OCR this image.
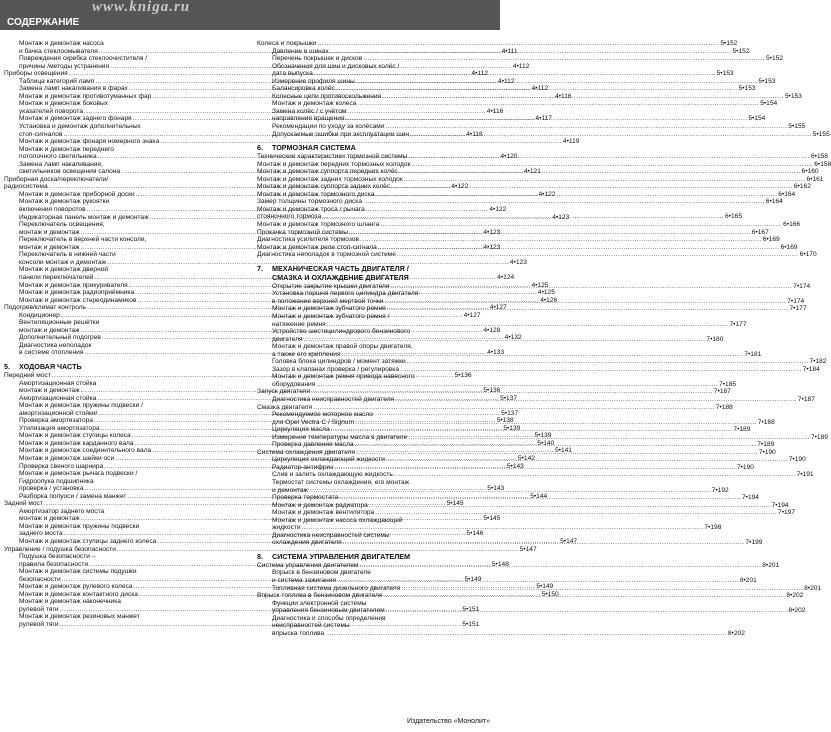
www.kniga.ru
СОДЕРЖАНИЕ
Монтаж и демонтаж насоса
и бачка стеклоомывателя .....	4•111
Повреждения скребка стеклоочистителя /
причины /методы устранения .....	4•112
Приборы освещения .....	4•112
Таблица категорий ламп .....	4•112
Замена ламп накаливания в фарах .....	4•112
Монтаж и демонтаж противотуманных фар .....	4•116
Монтаж и демонтаж боковых
указателей поворота .....	4•116
Монтаж и демонтаж заднего фонаря .....	4•117
Установка и демонтаж дополнительных
стоп-сигналов .....	4•118
Монтаж и демонтаж фонаря номерного знака .....	4•119
Монтаж и демонтаж переднего
потолочного светильника .....	4•120
Замена ламп накаливания,
светильников освещения салона .....	4•121
Приборная доска/переключатели/
радиосистема .....	4•122
Монтаж и демонтаж приборной доски .....	4•122
Монтаж и демонтаж рукоятки
включения поворотов .....	4•122
Индикаторная панель монтаж и демонтаж .....	4•123
Переключатель освещения,
монтаж и демонтаж .....	4•123
Переключатель в верхней части консоли,
монтаж и демонтаж .....	4•123
Переключатель в нижней части
консоли монтаж и демонтаж .....	4•123
Монтаж и демонтаж дверной
панели переключателей .....	4•124
Монтаж и демонтаж прикуривателя .....	4•125
Монтаж и демонтаж радиоприёмника .....	4•125
Монтаж и демонтаж стереодинамиков .....	4•126
Подогрев/климат контроль .....	4•127
Кондиционер .....	4•127
Вентиляционные решётки
монтаж и демонтаж .....	4•128
Дополнительный подогрев .....	4•132
Диагностика неполадок
в системе отопления .....	4•133
5.	ХОДОВАЯ ЧАСТЬ
Передний мост .....	5•136
Амортизационная стойка
монтаж и демонтаж .....	5•136
Амортизационная стойка .....	5•137
Монтаж и демонтаж пружины подвески /
амортизационной стойки/ .....	5•137
Проверка амортизатора .....	5•138
Утилизация амортизатора .....	5•139
Монтаж и демонтаж ступицы колеса .....	5•139
Монтаж и демонтаж карданного вала .....	5•140
Монтаж и демонтаж соединительного вала .....	5•141
Монтаж и демонтаж шейки оси .....	5•142
Проверка свеного шарнира .....	5•143
Монтаж и демонтаж рычага подвески /
Гидроопука подшипника
проверка / установка .....	5•143
Разборка полуоси / замена манжет .....	5•144
Задний мост .....	5•145
Амортизатор заднего моста
монтаж и демонтаж .....	5•145
Монтаж и демонтаж пружины подвески
заднего моста .....	5•146
Монтаж и демонтаж ступицы заднего колеса .....	5•147
Управление / подушка безопасности .....	5•147
Подушка безопасности –
правила безопасности .....	5•148
Монтаж и демонтаж системы подушки
безопасности .....	5•149
Монтаж и демонтаж рулевого колеса .....	5•149
Монтаж и демонтаж контактного диска .....	5•150
Монтаж и демонтаж наконечника
рулевой тяги .....	5•151
Монтаж и демонтаж резиновых манжет
рулевой тяги .....	5•151
Колеса и покрышки .....	5•152
Давление в шинах .....	5•152
Перечень покрышек и дисков .....	5•152
Обозначения для шин и дисковых колёс /
дата выпуска .....	5•153
Измерение профиля шины .....	5•153
Балансировка колёс .....	5•153
Колесные цепи противоскольжения .....	5•153
Монтаж и демонтаж колеса .....	5•154
Замена колёс / с учётом
направления вращения .....	5•154
Рекомендации по уходу за колёсами .....	5•155
Допускаемые ошибки при эксплуатации шин .....	5•155
6.	ТОРМОЗНАЯ СИСТЕМА
Технические характеристики тормозной системы .....	6•158
Монтаж и демонтаж передних тормозных колодок .....	6•158
Монтаж и демонтаж суппорта передних колёс .....	6•160
Монтаж и демонтаж задних тормозных колодок .....	6•161
Монтаж и демонтаж суппорта задних колёс .....	6•162
Монтаж и демонтаж тормозного диска .....	6•164
Замер толщины тормозного диска .....	6•164
Монтаж и демонтаж троса / рычага
стояночного тормоза .....	6•165
Монтаж и демонтаж тормозного шланга .....	6•166
Прокачка тормозной системы .....	6•167
Диагностика усилителя тормозов .....	6•169
Монтаж и демонтаж реле стоп-сигнала .....	6•169
Диагностика неполадок в тормозной системе .....	6•170
7.	МЕХАНИЧЕСКАЯ ЧАСТЬ ДВИГАТЕЛЯ /
СМАЗКА И ОХЛАЖДЕНИЕ ДВИГАТЕЛЯ
Открытие закрытие крышки двигателя .....	7•174
Установка поршня первого цилиндра двигателя
в положение верхней мертвой точки .....	7•174
Монтаж и демонтаж зубчатого ремня .....	7•177
Монтаж и демонтаж зубчатого ремня /
натяжение ремня .....	7•177
Устройство шестицилиндрового бензинового
двигателя .....	7•180
Монтаж и демонтаж правой опоры двигателя,
а также его крепления .....	7•181
Головка блока цилиндров / момент затяжки .....	7•182
Зазор в клапанах проверка / регулировка .....	7•184
Монтаж и демонтаж ремня привода навесного
оборудования .....	7•185
Запуск двигателя .....	7•187
Диагностика неисправностей двигателя .....	7•187
Смазка двигателя .....	7•188
Рекомендуемое моторное масло
для Opel Vectra C / Signum .....	7•188
Циркуляция масла .....	7•189
Измерение температуры масла в двигателе .....	7•189
Проверка давления масла .....	7•189
Система охлаждения двигателя .....	7•190
Циркуляция охлаждающей жидкости .....	7•190
Радиатор-антифриз .....	7•190
Слив и залить охлаждающую жидкость .....	7•191
Термостат системы охлаждения, его монтаж
и демонтаж .....	7•192
Проверка термостата .....	7•194
Монтаж и демонтаж радиатора .....	7•194
Монтаж и демонтаж вентилятора .....	7•197
Монтаж и демонтаж насоса охлаждающей
жидкости .....	7•198
Диагностика неисправностей системы
охлаждения двигателя .....	7•199
8.	СИСТЕМА УПРАВЛЕНИЯ ДВИГАТЕЛЕМ
Система управления двигателем .....	8•201
Впрыск в бензиновом двигателе
и система зажигания .....	8•201
Топливная система дизельного двигателя .....	8•201
Впрыск топлива в бензиновом двигателе .....	8•202
Функции электронной системы
управления бензиновым двигателем .....	8•202
Диагностика и способы определения
неисправностей системы
впрыска топлива .....	8•202
Издательство «Монолит»
